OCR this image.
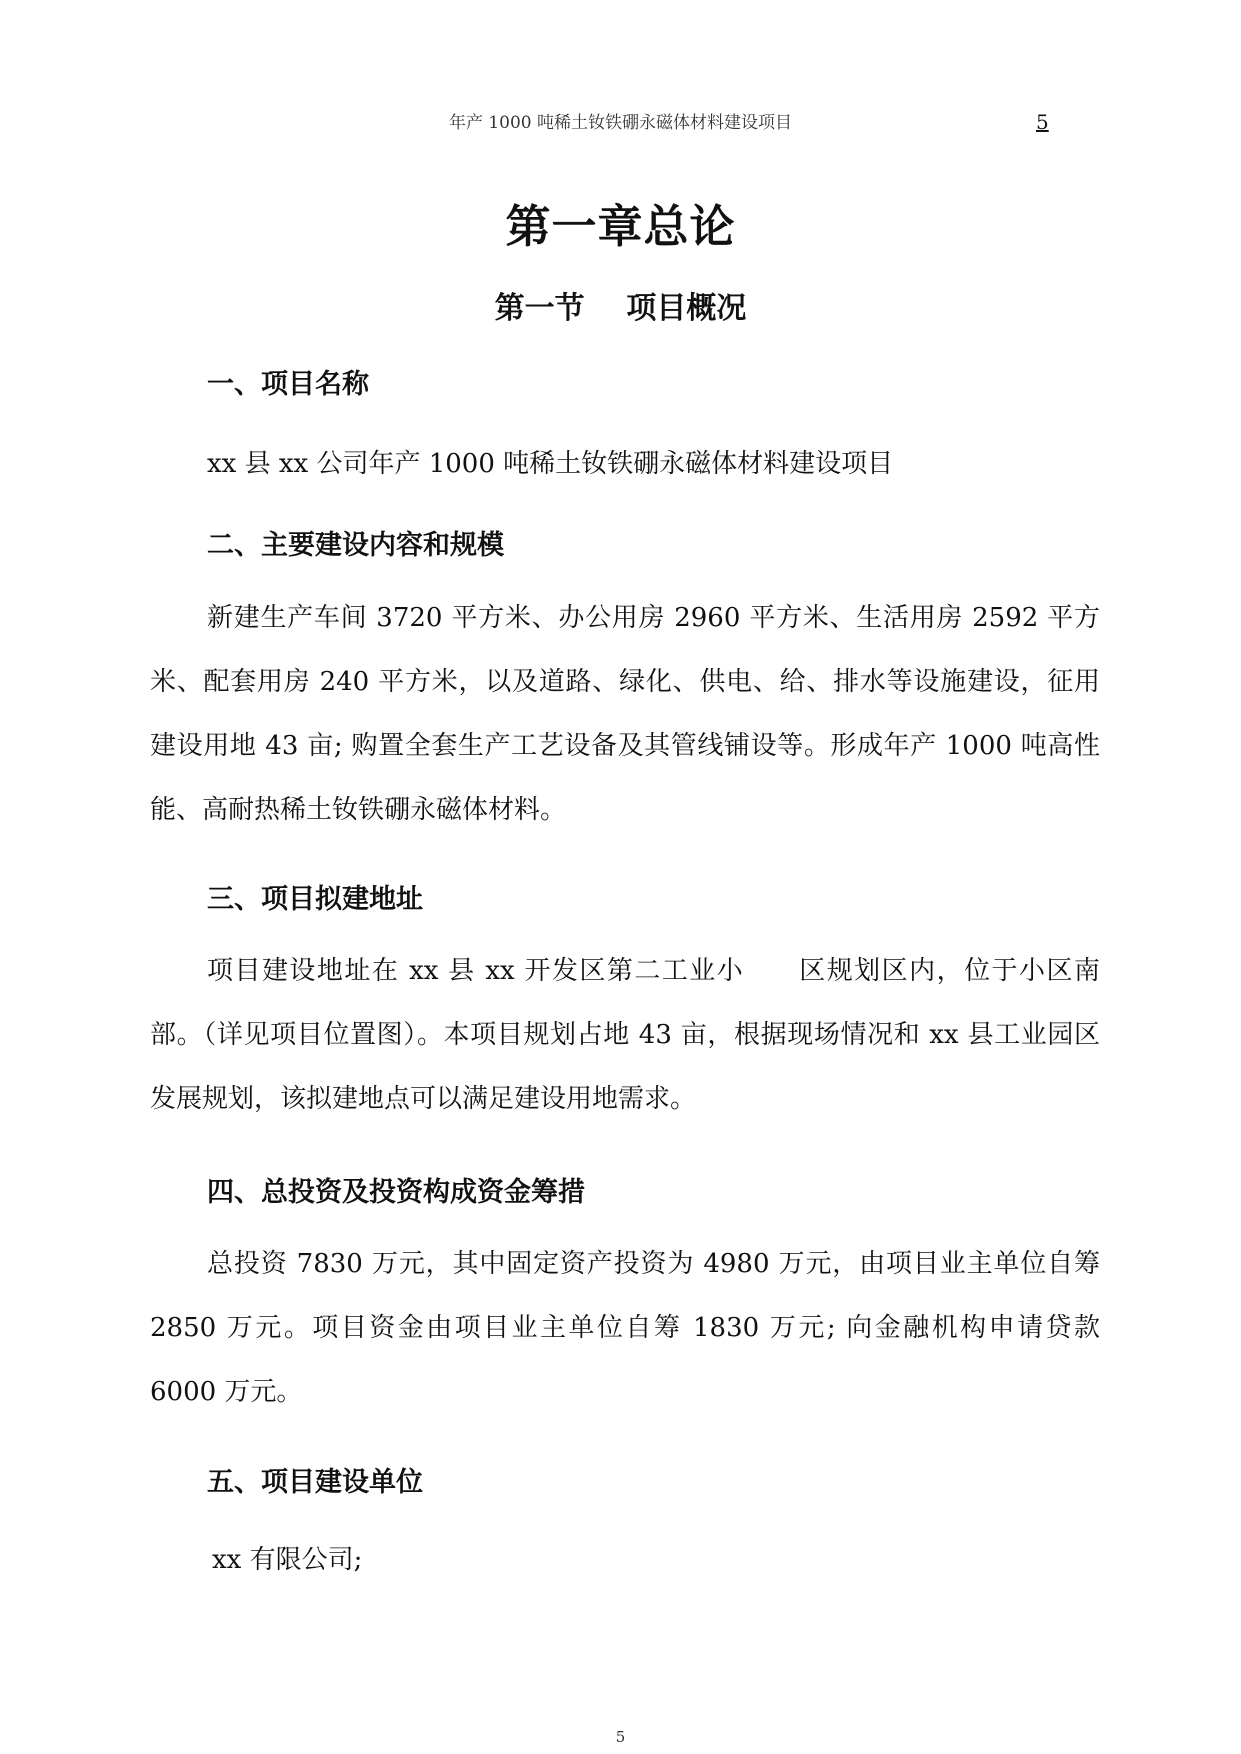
年产 1000 吨稀土钕铁硼永磁体材料建设项目	5
第一章总论
第一节    项目概况
一、项目名称
xx 县 xx 公司年产 1000 吨稀土钕铁硼永磁体材料建设项目
二、主要建设内容和规模
新建生产车间 3720 平方米、办公用房 2960 平方米、生活用房 2592 平方米、配套用房 240 平方米，以及道路、绿化、供电、给、排水等设施建设，征用建设用地 43 亩; 购置全套生产工艺设备及其管线铺设等。形成年产 1000 吨高性能、高耐热稀土钕铁硼永磁体材料。
三、项目拟建地址
项目建设地址在 xx 县 xx 开发区第二工业小　　区规划区内，位于小区南部。（详见项目位置图）。本项目规划占地 43 亩，根据现场情况和 xx 县工业园区发展规划，该拟建地点可以满足建设用地需求。
四、总投资及投资构成资金筹措
总投资 7830 万元，其中固定资产投资为 4980 万元，由项目业主单位自筹 2850 万元。项目资金由项目业主单位自筹 1830 万元; 向金融机构申请贷款 6000 万元。
五、项目建设单位
xx 有限公司;
5
